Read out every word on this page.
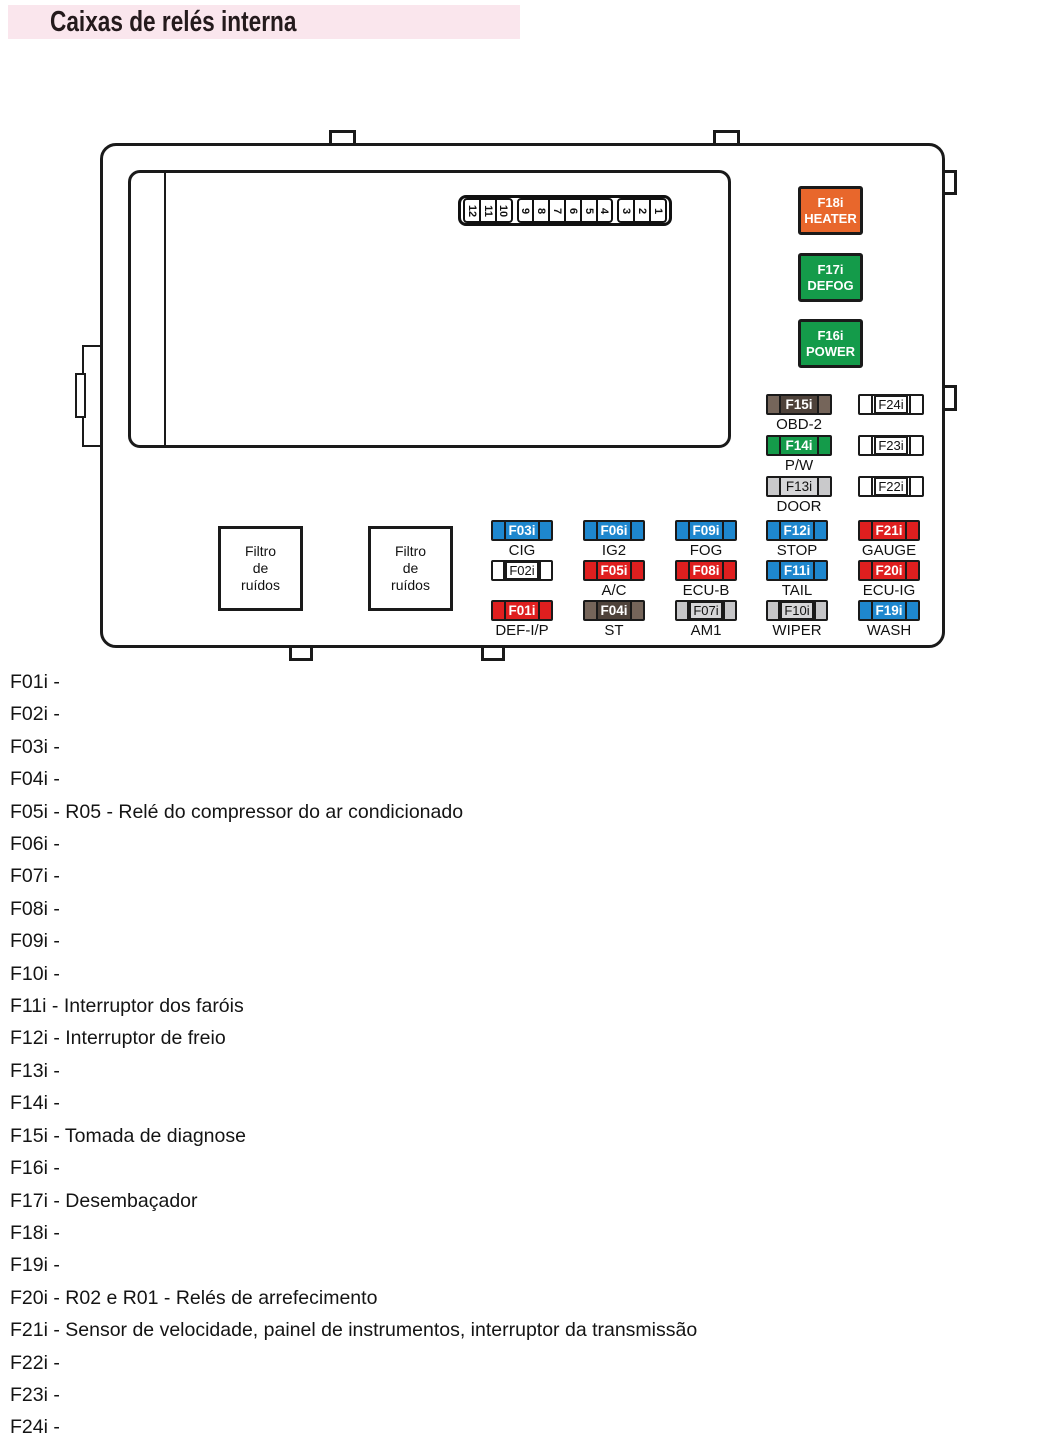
Caixas de relés interna
12 11 10 9 8 7 6 5 4 3 2 1
F18i
HEATER
F17i
DEFOG
F16i
POWER
F15i
OBD-2
F14i
P/W
F13i
DOOR
F24i
F23i
F22i
F03i
CIG
F06i
IG2
F09i
FOG
F12i
STOP
F21i
GAUGE
F02i	F05i
A/C
F08i
ECU-B
F11i
TAIL
F20i
ECU-IG
F01i
DEF-I/P
F04i
ST
F07i
AM1
F10i
WIPER
F19i
WASH
Filtro
de
ruídos
Filtro
de
ruídos
F01i -
F02i -
F03i -
F04i -
F05i - R05 - Relé do compressor do ar condicionado
F06i -
F07i -
F08i -
F09i -
F10i -
F11i - Interruptor dos faróis
F12i - Interruptor de freio
F13i -
F14i -
F15i - Tomada de diagnose
F16i -
F17i - Desembaçador
F18i -
F19i -
F20i - R02 e R01 - Relés de arrefecimento
F21i - Sensor de velocidade, painel de instrumentos, interruptor da transmissão
F22i -
F23i -
F24i -
